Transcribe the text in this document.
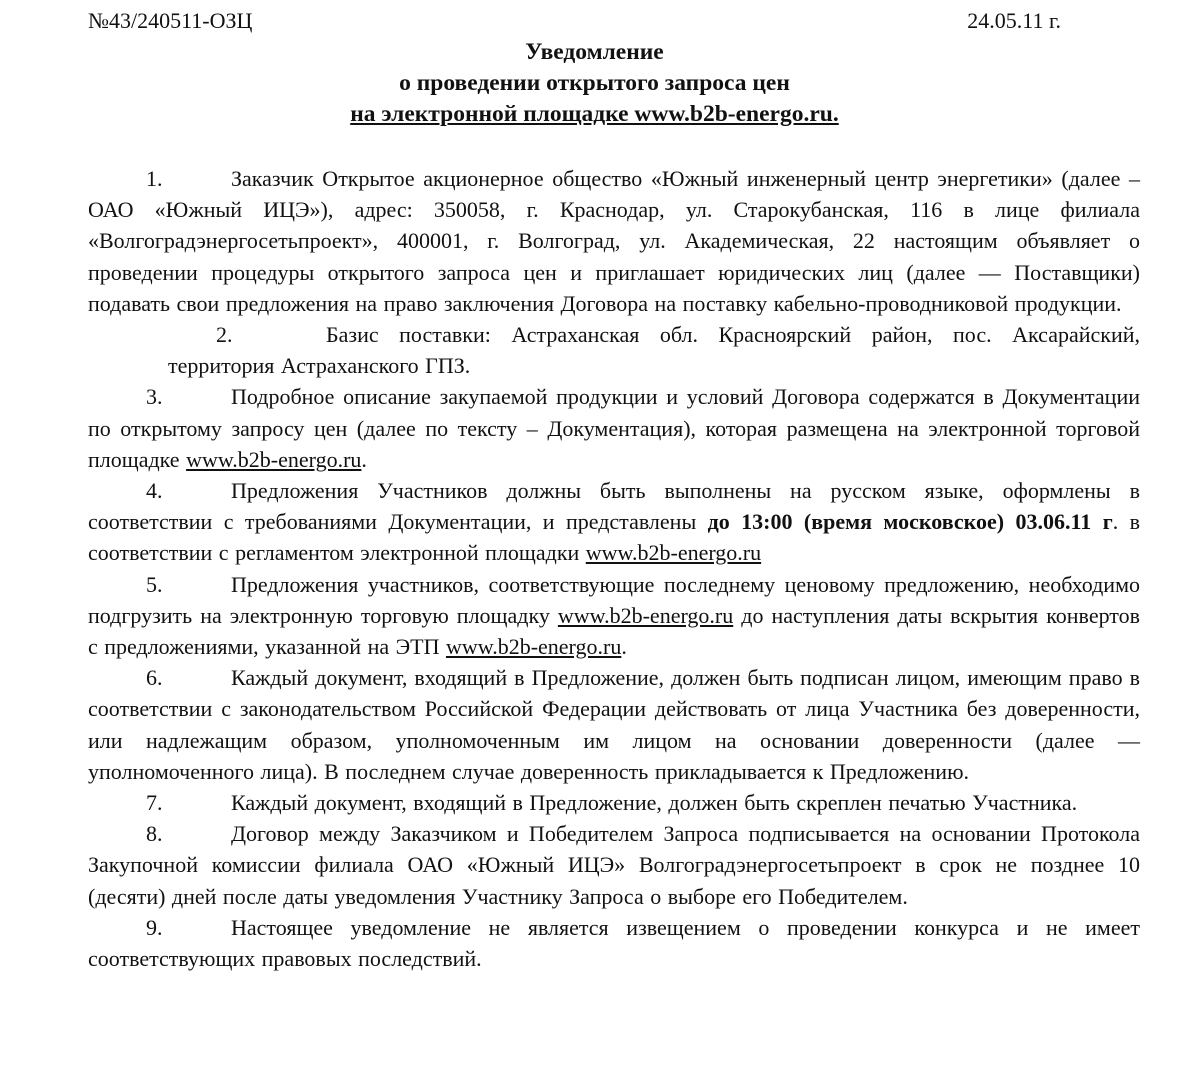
№43/240511-ОЗЦ	24.05.11 г.
Уведомление
о проведении открытого запроса цен
на электронной площадке www.b2b-energo.ru.

1.	Заказчик Открытое акционерное общество «Южный инженерный центр энергетики» (далее – ОАО «Южный ИЦЭ»), адрес: 350058, г. Краснодар, ул. Старокубанская, 116 в лице филиала «Волгоградэнергосетьпроект», 400001, г. Волгоград, ул. Академическая, 22 настоящим объявляет о проведении процедуры открытого запроса цен и приглашает юридических лиц (далее — Поставщики) подавать свои предложения на право заключения Договора на поставку кабельно-проводниковой продукции.

2.	Базис поставки: Астраханская обл. Красноярский район, пос. Аксарайский, территория Астраханского ГПЗ.

3.	Подробное описание закупаемой продукции и условий Договора содержатся в Документации по открытому запросу цен (далее по тексту – Документация), которая размещена на электронной торговой площадке www.b2b-energo.ru.

4.	Предложения Участников должны быть выполнены на русском языке, оформлены в соответствии с требованиями Документации, и представлены до 13:00 (время московское) 03.06.11 г. в соответствии с регламентом электронной площадки www.b2b-energo.ru

5.	Предложения участников, соответствующие последнему ценовому предложению, необходимо подгрузить на электронную торговую площадку www.b2b-energo.ru до наступления даты вскрытия конвертов с предложениями, указанной на ЭТП www.b2b-energo.ru.

6.	Каждый документ, входящий в Предложение, должен быть подписан лицом, имеющим право в соответствии с законодательством Российской Федерации действовать от лица Участника без доверенности, или надлежащим образом, уполномоченным им лицом на основании доверенности (далее — уполномоченного лица). В последнем случае доверенность прикладывается к Предложению.

7.	Каждый документ, входящий в Предложение, должен быть скреплен печатью Участника.

8.	Договор между Заказчиком и Победителем Запроса подписывается на основании Протокола Закупочной комиссии филиала ОАО «Южный ИЦЭ» Волгоградэнергосетьпроект в срок не позднее 10 (десяти) дней после даты уведомления Участнику Запроса о выборе его Победителем.

9.	Настоящее уведомление не является извещением о проведении конкурса и не имеет соответствующих правовых последствий.
